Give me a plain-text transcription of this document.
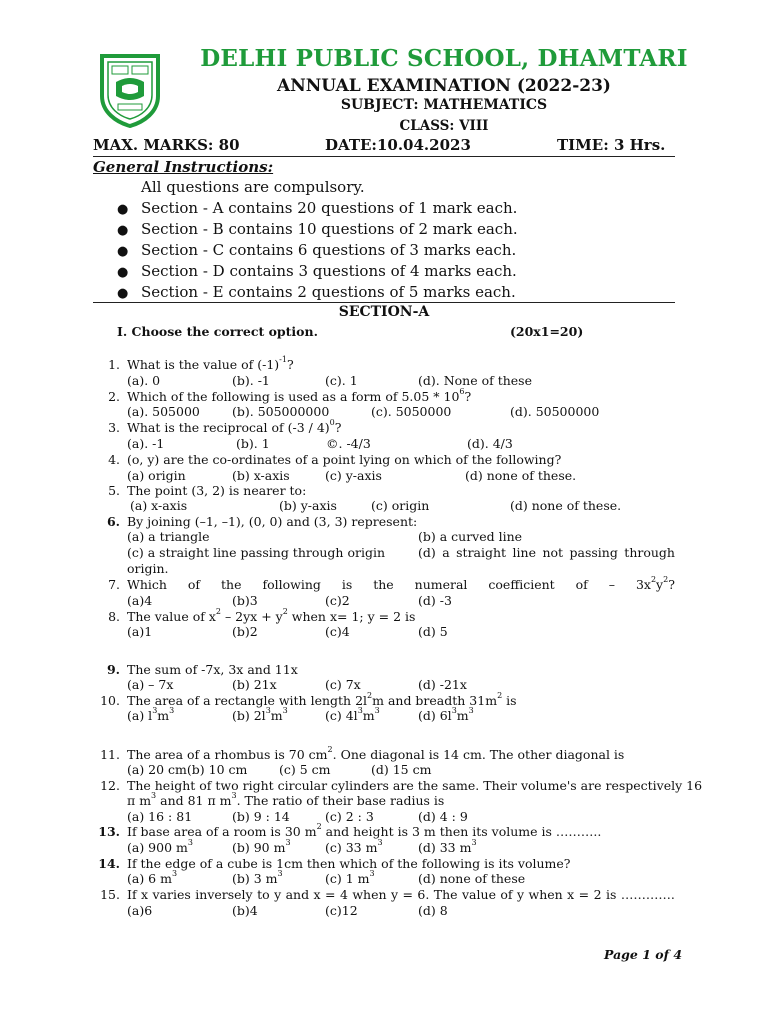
DELHI PUBLIC SCHOOL, DHAMTARI
ANNUAL EXAMINATION (2022-23)
SUBJECT: MATHEMATICS
CLASS: VIII
MAX. MARKS: 80	DATE:10.04.2023	TIME: 3 Hrs.
General Instructions:
All questions are compulsory.
● Section - A contains 20 questions of 1 mark each.
● Section - B contains 10 questions of 2 mark each.
● Section - C contains 6 questions of 3 marks each.
● Section - D contains 3 questions of 4 marks each.
● Section - E contains 2 questions of 5 marks each.
SECTION-A
I. Choose the correct option.	(20x1=20)
1. What is the value of $(-1)^{-1}$?
(a). 0	(b). -1	(c). 1	(d). None of these
2. Which of the following is used as a form of $5.05 * 10^6$?
(a). 505000	(b). 505000000	(c). 5050000	(d). 50500000
3. What is the reciprocal of (-3 / 4)$^0$?
(a). -1	(b). 1	©. -4/3	(d). 4/3
4. (o, y) are the co-ordinates of a point lying on which of the following?
(a) origin	(b) x-axis	(c) y-axis	(d) none of these.
5. The point (3, 2) is nearer to:
(a) x-axis	(b) y-axis	(c) origin	(d) none of these.
6. By joining (–1, –1), (0, 0) and (3, 3) represent:
(a) a triangle	(b) a curved line
(c) a straight line passing through origin	(d) a straight line not passing through
origin.
7. Which of the following is the numeral coefficient of – $3x^2y^2$?
(a)4	(b)3	(c)2	(d) -3
8. The value of $x^2 - 2yx + y^2$ when x= 1; y = 2 is
(a)1	(b)2	(c)4	(d) 5
9. The sum of -7x, 3x and 11x
(a) – 7x	(b) 21x	(c) 7x	(d) -21x
10. The area of a rectangle with length $2l^2m$ and breadth $31m^2$ is
(a) $l^3m^3$	(b) $2l^3m^3$	(c) $4l^3m^3$	(d) $6l^3m^3$
11. The area of a rhombus is 70 $cm^2$. One diagonal is 14 cm. The other diagonal is
(a) 20 cm(b) 10 cm	(c) 5 cm	(d) 15 cm
12. The height of two right circular cylinders are the same. Their volume's are respectively 16
π $m^3$ and 81 π $m^3$. The ratio of their base radius is
(a) 16 : 81	(b) 9 : 14	(c) 2 : 3	(d) 4 : 9
13. If base area of a room is 30 $m^2$ and height is 3 m then its volume is ………..
(a) 900 $m^3$	(b) 90 $m^3$	(c) 33 $m^3$	(d) 33 $m^3$
14. If the edge of a cube is 1cm then which of the following is its volume?
(a) 6 $m^3$	(b) 3 $m^3$	(c) 1 $m^3$	(d) none of these
15. If x varies inversely to y and x = 4 when y = 6. The value of y when x = 2 is ………….
(a)6	(b)4	(c)12	(d) 8
Page 1 of 4
